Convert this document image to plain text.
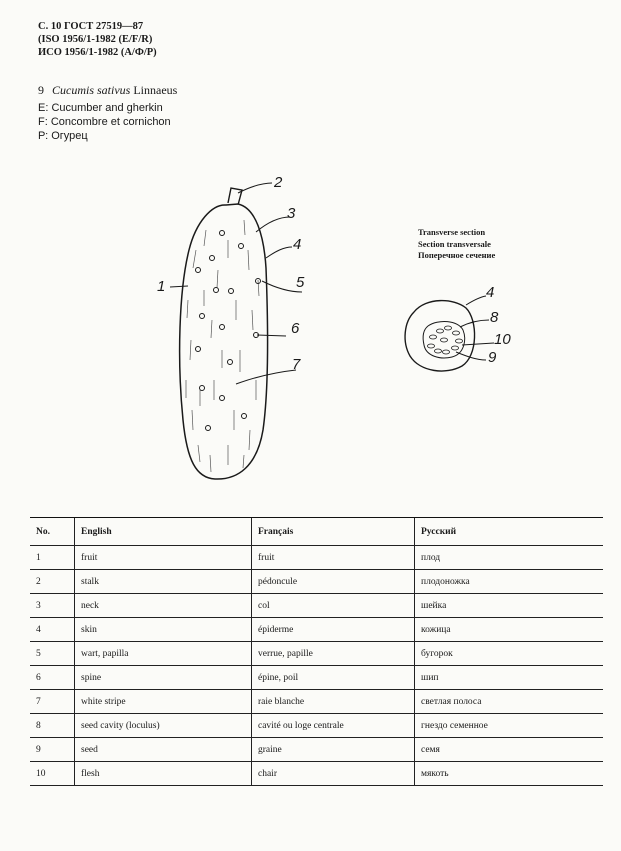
С. 10 ГОСТ 27519—87
(ISO 1956/1-1982 (E/F/R)
ИСО 1956/1-1982 (А/Ф/Р)
9 Cucumis sativus Linnaeus
E: Cucumber and gherkin
F: Concombre et cornichon
Р: Огурец
2
3
4
5
6
7
1	4
8
10
9
Transverse section
Section transversale
Поперечное сечение
No.	English	Français	Русский
1	fruit	fruit	плод
2	stalk	pédoncule	плодоножка
3	neck	col	шейка
4	skin	épiderme	кожица
5	wart, papilla	verrue, papille	бугорок
6	spine	épine, poil	шип
7	white stripe	raie blanche	светлая полоса
8	seed cavity (loculus)	cavité ou loge centrale	гнездо семенное
9	seed	graine	семя
10	flesh	chair	мякоть
